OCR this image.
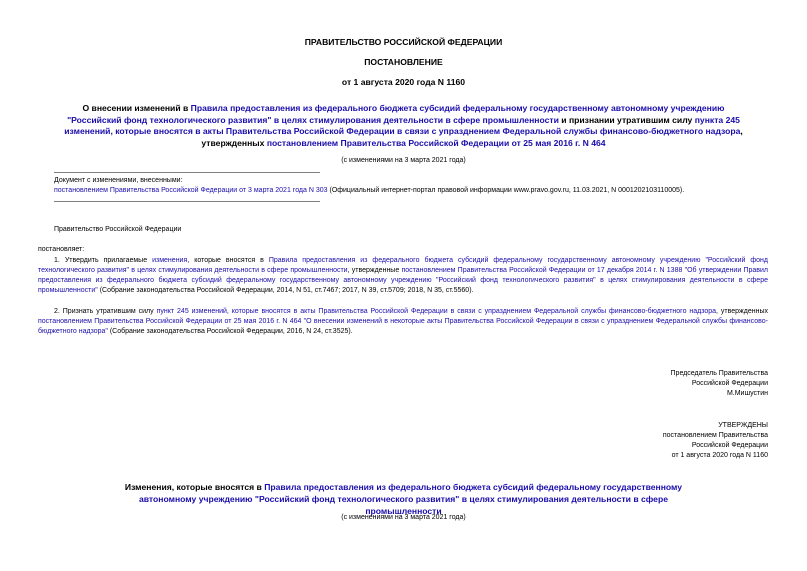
ПРАВИТЕЛЬСТВО РОССИЙСКОЙ ФЕДЕРАЦИИ
ПОСТАНОВЛЕНИЕ
от 1 августа 2020 года N 1160
О внесении изменений в Правила предоставления из федерального бюджета субсидий федеральному государственному автономному учреждению "Российский фонд технологического развития" в целях стимулирования деятельности в сфере промышленности и признании утратившим силу пункта 245 изменений, которые вносятся в акты Правительства Российской Федерации в связи с упразднением Федеральной службы финансово-бюджетного надзора, утвержденных постановлением Правительства Российской Федерации от 25 мая 2016 г. N 464
(с изменениями на 3 марта 2021 года)
Документ с изменениями, внесенными:
постановлением Правительства Российской Федерации от 3 марта 2021 года N 303 (Официальный интернет-портал правовой информации www.pravo.gov.ru, 11.03.2021, N 0001202103110005).
Правительство Российской Федерации
постановляет:
1. Утвердить прилагаемые изменения, которые вносятся в Правила предоставления из федерального бюджета субсидий федеральному государственному автономному учреждению "Российский фонд технологического развития" в целях стимулирования деятельности в сфере промышленности, утвержденные постановлением Правительства Российской Федерации от 17 декабря 2014 г. N 1388 "Об утверждении Правил предоставления из федерального бюджета субсидий федеральному государственному автономному учреждению "Российский фонд технологического развития" в целях стимулирования деятельности в сфере промышленности" (Собрание законодательства Российской Федерации, 2014, N 51, ст.7467; 2017, N 39, ст.5709; 2018, N 35, ст.5560).
2. Признать утратившим силу пункт 245 изменений, которые вносятся в акты Правительства Российской Федерации в связи с упразднением Федеральной службы финансово-бюджетного надзора, утвержденных постановлением Правительства Российской Федерации от 25 мая 2016 г. N 464 "О внесении изменений в некоторые акты Правительства Российской Федерации в связи с упразднением Федеральной службы финансово-бюджетного надзора" (Собрание законодательства Российской Федерации, 2016, N 24, ст.3525).
Председатель Правительства
Российской Федерации
М.Мишустин
УТВЕРЖДЕНЫ
постановлением Правительства
Российской Федерации
от 1 августа 2020 года N 1160
Изменения, которые вносятся в Правила предоставления из федерального бюджета субсидий федеральному государственному автономному учреждению "Российский фонд технологического развития" в целях стимулирования деятельности в сфере промышленности
(с изменениями на 3 марта 2021 года)
